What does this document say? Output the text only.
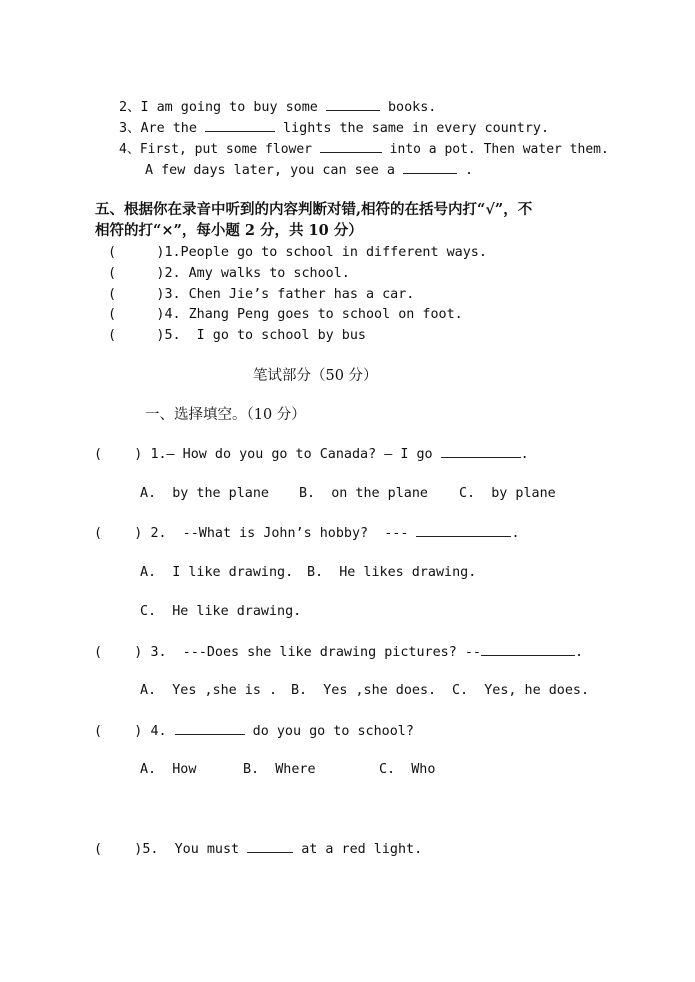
2、I am going to buy some	books.
3、Are the	lights the same in every country.
4、First, put some flower	into a pot. Then water them.
A few days later, you can see a	.
五、根据你在录音中听到的内容判断对错,相符的在括号内打“√”，不
相符的打“×”，每小题 2 分，共 10 分）
(     )1.People go to school in different ways.
(     )2. Amy walks to school.
(     )3. Chen Jie’s father has a car.
(     )4. Zhang Peng goes to school on foot.
(     )5.  I go to school by bus
笔试部分（50 分）
一、选择填空。（10 分）
(    ) 1.— How do you go to Canada? — I go	.
A.  by the plane B.  on the plane C.  by plane
(    ) 2.  --What is John’s hobby?  ---	.
A.  I like drawing. B.  He likes drawing.
C.  He like drawing.
(    ) 3.  ---Does she like drawing pictures? --	.
A.  Yes ,she is . B.  Yes ,she does. C.  Yes, he does.
(    ) 4.	do you go to school?
A.  How	B.  Where	C.  Who
(    )5.  You must	at a red light.
